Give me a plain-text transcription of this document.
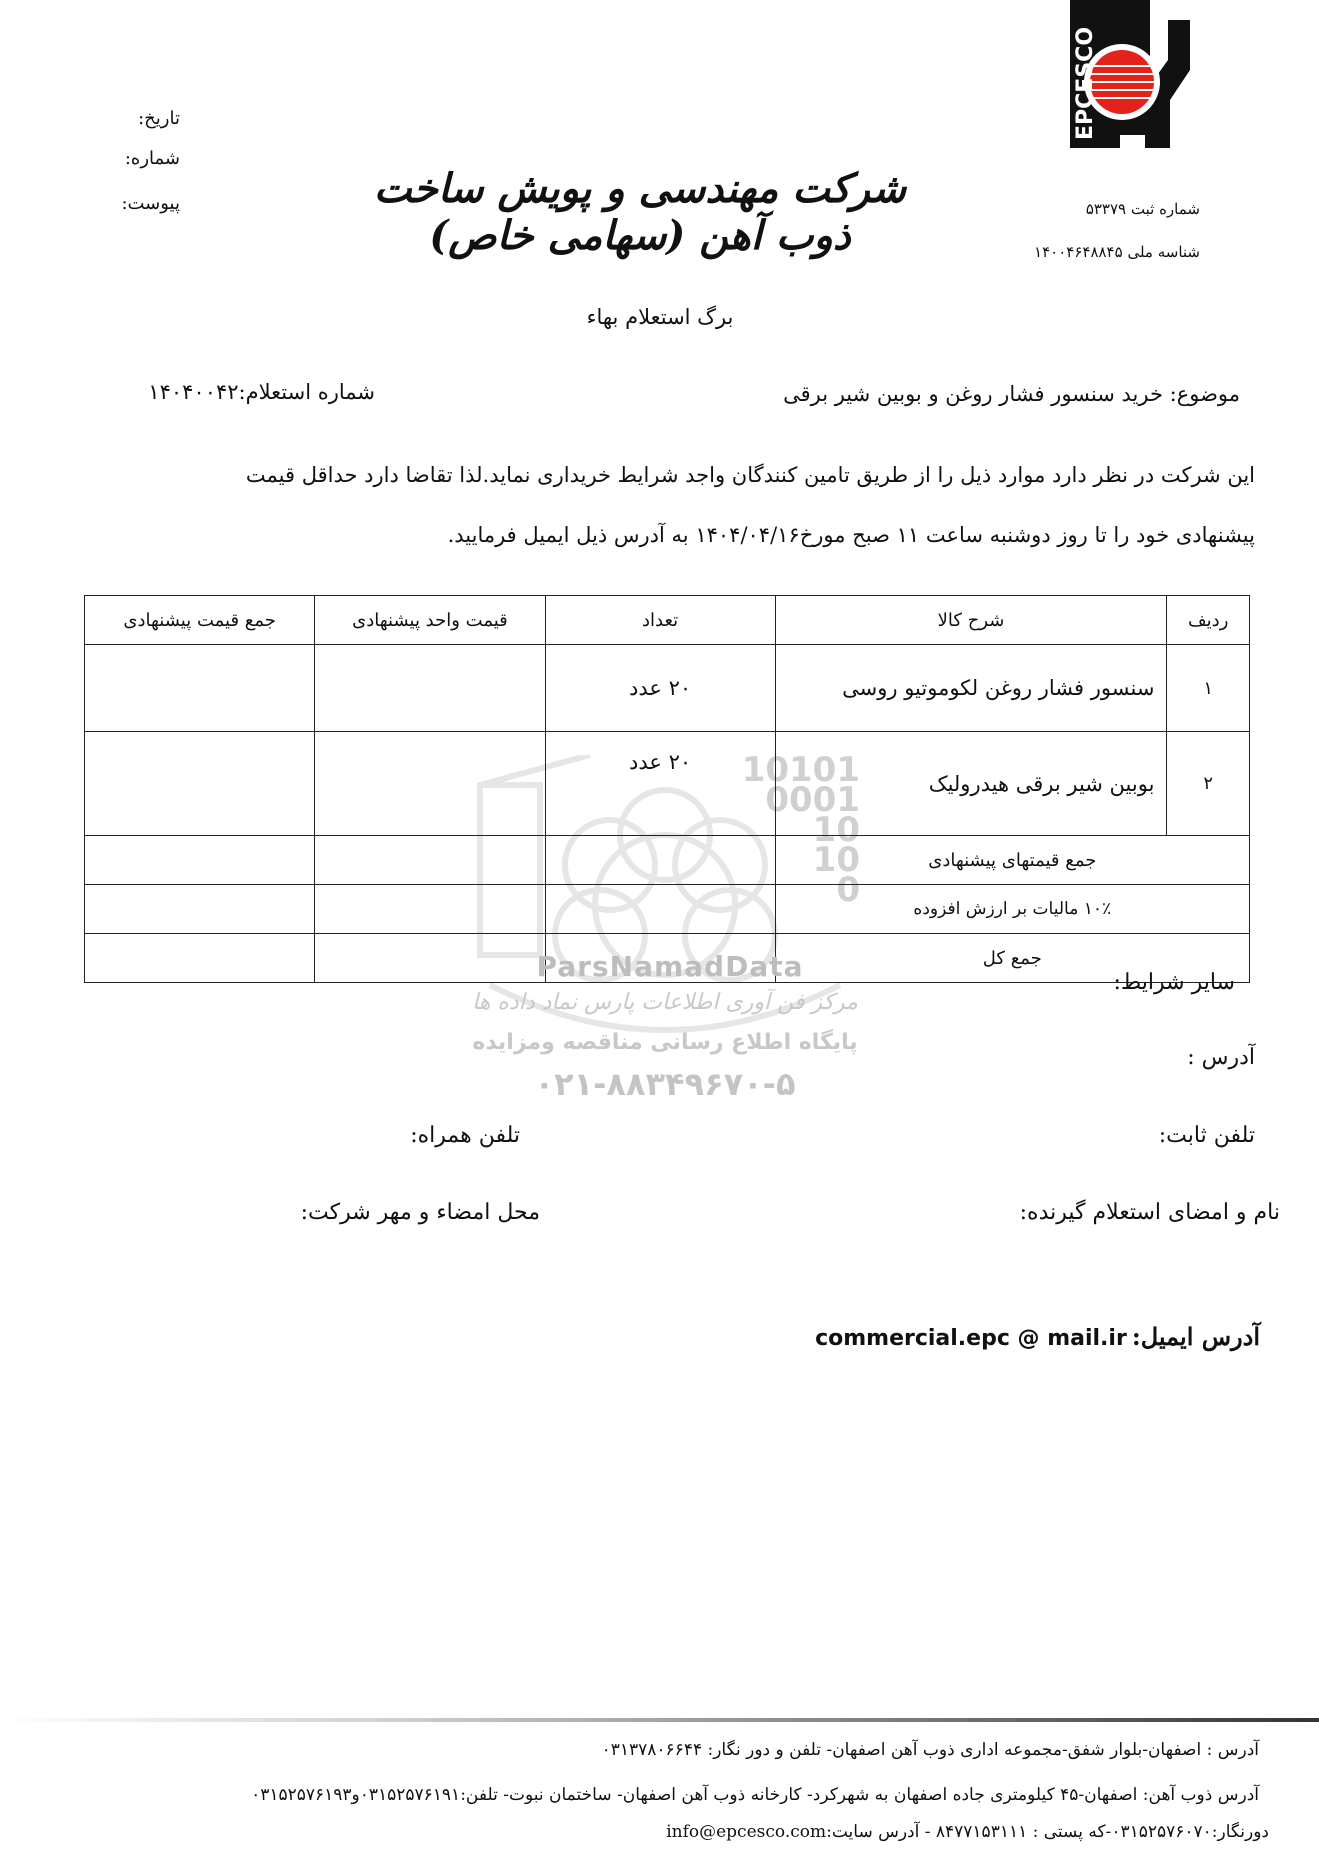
EPCESCO
شرکت مهندسی و پویش ساخت ذوب آهن (سهامی خاص)
شماره ثبت ۵۳۳۷۹
شناسه ملی ۱۴۰۰۴۶۴۸۸۴۵
تاریخ:
شماره:
پیوست:
برگ استعلام بهاء
موضوع: خرید سنسور فشار روغن و بوبین شیر برقی
شماره استعلام:۱۴۰۴۰۰۴۲
این شرکت در نظر دارد موارد ذیل را از طریق تامین کنندگان واجد شرایط خریداری نماید.لذا تقاضا دارد حداقل قیمت
پیشنهادی خود را تا روز دوشنبه ساعت ۱۱ صبح مورخ۱۴۰۴/۰۴/۱۶ به آدرس ذیل ایمیل فرمایید.
10101
0001
10
10
0
ردیف	شرح کالا	تعداد	قیمت واحد پیشنهادی	جمع قیمت پیشنهادی
۱	سنسور فشار روغن لکوموتیو روسی	۲۰ عدد		
۲	بوبین شیر برقی هیدرولیک	۲۰ عدد		
جمع قیمتهای پیشنهادی				
۱۰٪ مالیات بر ارزش افزوده				
جمع کل				
ParsNamadData
مرکز فن آوری اطلاعات پارس نماد داده ها
پایگاه اطلاع رسانی مناقصه ومزایده
۰۲۱-۸۸۳۴۹۶۷۰-۵
سایر شرایط:
آدرس :
تلفن ثابت:
تلفن همراه:
نام و امضای استعلام گیرنده:
محل امضاء و مهر شرکت:
آدرس ایمیل: commercial.epc @ mail.ir
آدرس : اصفهان-بلوار شفق-مجموعه اداری ذوب آهن اصفهان- تلفن و دور نگار: ۰۳۱۳۷۸۰۶۶۴۴
آدرس ذوب آهن: اصفهان-۴۵ کیلومتری جاده اصفهان به شهرکرد- کارخانه ذوب آهن اصفهان- ساختمان نبوت- تلفن:۰۳۱۵۲۵۷۶۱۹۱و۰۳۱۵۲۵۷۶۱۹۳
دورنگار:۰۳۱۵۲۵۷۶۰۷۰-که پستی : ۸۴۷۷۱۵۳۱۱۱ - آدرس سایت:info@epcesco.com
